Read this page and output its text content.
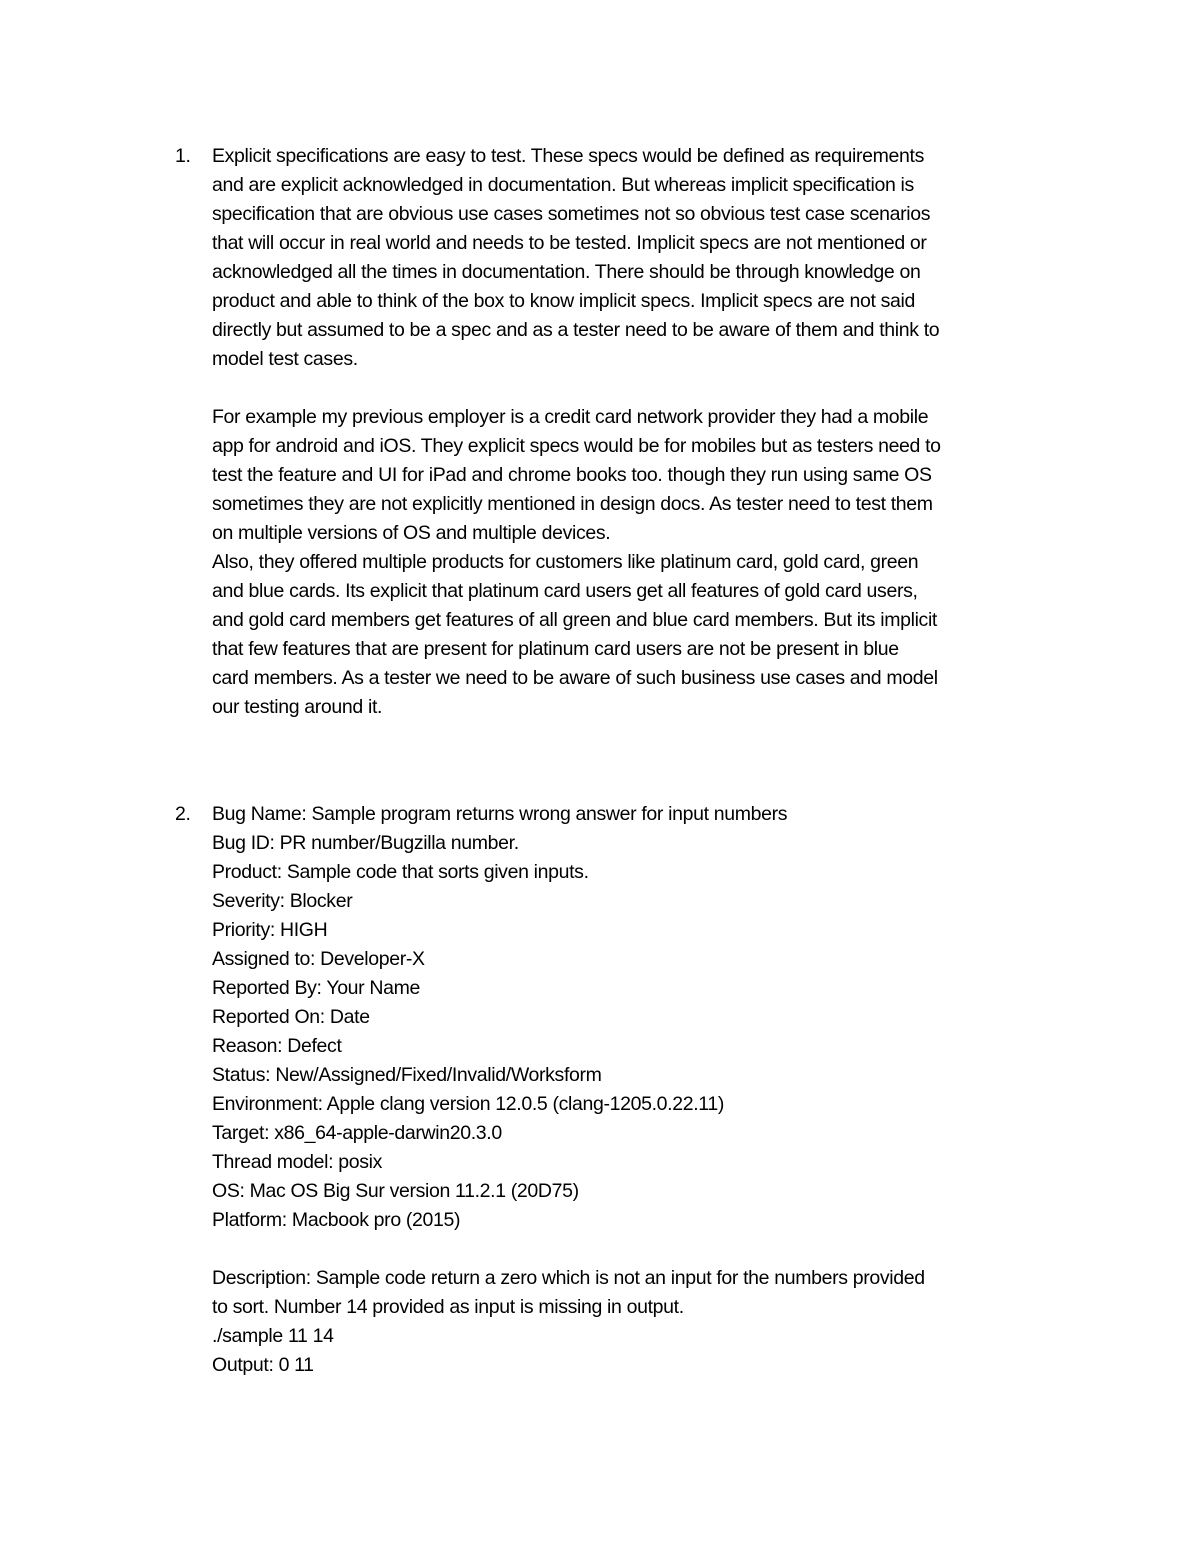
1. Explicit specifications are easy to test. These specs would be defined as requirements
and are explicit acknowledged in documentation. But whereas implicit specification is
specification that are obvious use cases sometimes not so obvious test case scenarios
that will occur in real world and needs to be tested. Implicit specs are not mentioned or
acknowledged all the times in documentation. There should be through knowledge on
product and able to think of the box to know implicit specs. Implicit specs are not said
directly but assumed to be a spec and as a tester need to be aware of them and think to
model test cases.
For example my previous employer is a credit card network provider they had a mobile
app for android and iOS. They explicit specs would be for mobiles but as testers need to
test the feature and UI for iPad and chrome books too. though they run using same OS
sometimes they are not explicitly mentioned in design docs. As tester need to test them
on multiple versions of OS and multiple devices.
Also, they offered multiple products for customers like platinum card, gold card, green
and blue cards. Its explicit that platinum card users get all features of gold card users,
and gold card members get features of all green and blue card members. But its implicit
that few features that are present for platinum card users are not be present in blue
card members. As a tester we need to be aware of such business use cases and model
our testing around it.
2. Bug Name: Sample program returns wrong answer for input numbers
Bug ID: PR number/Bugzilla number.
Product: Sample code that sorts given inputs.
Severity: Blocker
Priority: HIGH
Assigned to: Developer-X
Reported By: Your Name
Reported On: Date
Reason: Defect
Status: New/Assigned/Fixed/Invalid/Worksform
Environment: Apple clang version 12.0.5 (clang-1205.0.22.11)
Target: x86_64-apple-darwin20.3.0
Thread model: posix
OS: Mac OS Big Sur version 11.2.1 (20D75)
Platform: Macbook pro (2015)
Description: Sample code return a zero which is not an input for the numbers provided
to sort. Number 14 provided as input is missing in output.
./sample 11 14
Output: 0 11
